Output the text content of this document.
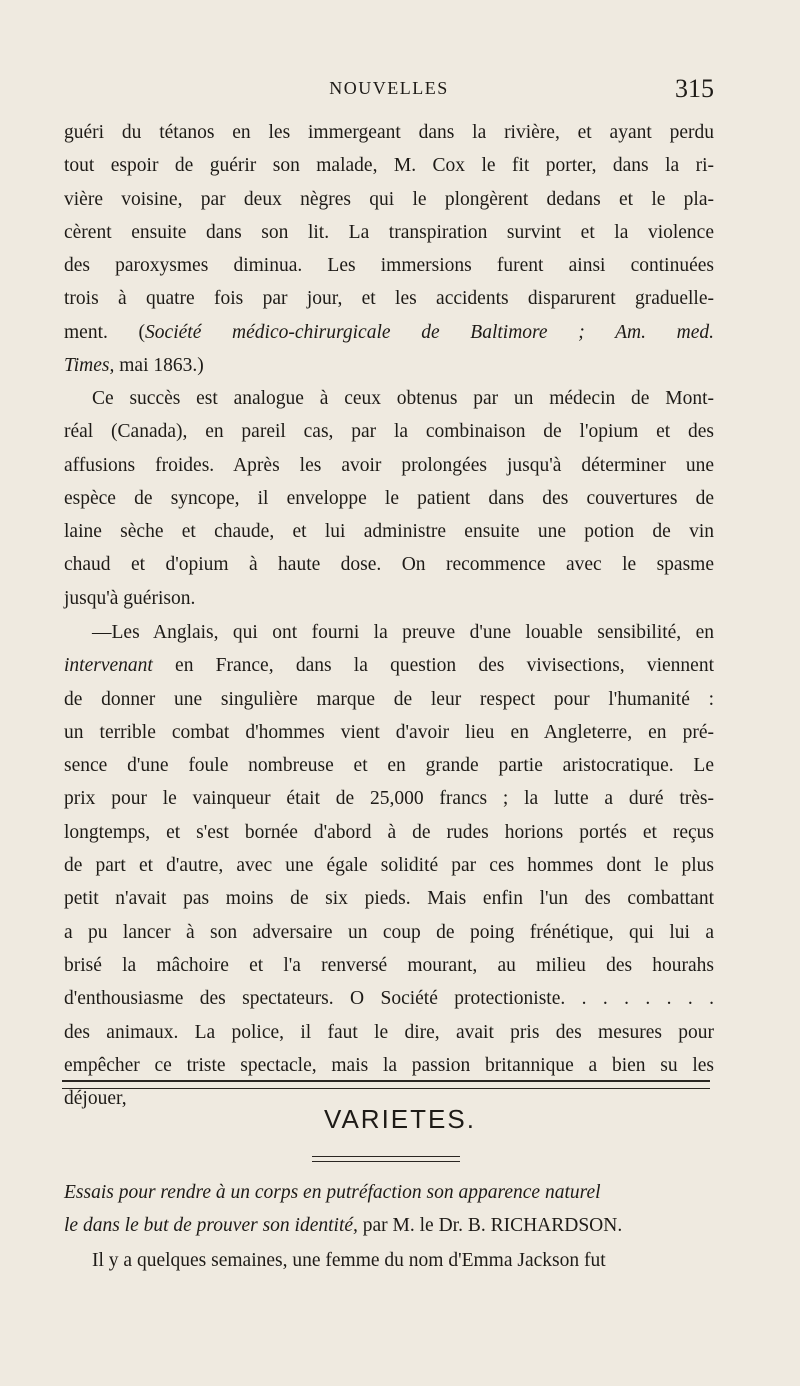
NOUVELLES	315
guéri du tétanos en les immergeant dans la rivière, et ayant perdu
tout espoir de guérir son malade, M. Cox le fit porter, dans la ri-
vière voisine, par deux nègres qui le plongèrent dedans et le pla-
cèrent ensuite dans son lit. La transpiration survint et la violence
des paroxysmes diminua. Les immersions furent ainsi continuées
trois à quatre fois par jour, et les accidents disparurent graduelle-
ment. (Société médico-chirurgicale de Baltimore ; Am. med.
Times, mai 1863.)
Ce succès est analogue à ceux obtenus par un médecin de Mont-
réal (Canada), en pareil cas, par la combinaison de l'opium et des
affusions froides. Après les avoir prolongées jusqu'à déterminer une
espèce de syncope, il enveloppe le patient dans des couvertures de
laine sèche et chaude, et lui administre ensuite une potion de vin
chaud et d'opium à haute dose. On recommence avec le spasme
jusqu'à guérison.
—Les Anglais, qui ont fourni la preuve d'une louable sensibilité, en
intervenant en France, dans la question des vivisections, viennent
de donner une singulière marque de leur respect pour l'humanité :
un terrible combat d'hommes vient d'avoir lieu en Angleterre, en pré-
sence d'une foule nombreuse et en grande partie aristocratique. Le
prix pour le vainqueur était de 25,000 francs ; la lutte a duré très-
longtemps, et s'est bornée d'abord à de rudes horions portés et reçus
de part et d'autre, avec une égale solidité par ces hommes dont le plus
petit n'avait pas moins de six pieds. Mais enfin l'un des combattant
a pu lancer à son adversaire un coup de poing frénétique, qui lui a
brisé la mâchoire et l'a renversé mourant, au milieu des hourahs
d'enthousiasme des spectateurs. O Société protectioniste. . . . . . . .
des animaux. La police, il faut le dire, avait pris des mesures pour
empêcher ce triste spectacle, mais la passion britannique a bien su les
déjouer,
VARIETES.
Essais pour rendre à un corps en putréfaction son apparence naturel
le dans le but de prouver son identité, par M. le Dr. B. RICHARDSON.
Il y a quelques semaines, une femme du nom d'Emma Jackson fut
